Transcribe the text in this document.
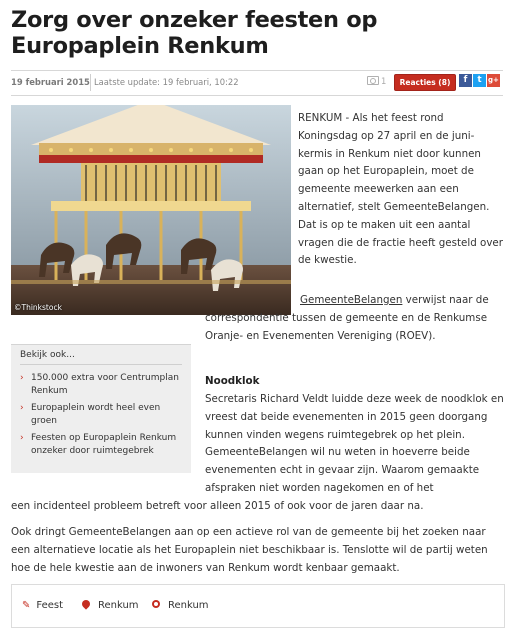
Zorg over onzeker feesten op Europaplein Renkum
19 februari 2015 Laatste update: 19 februari, 10:22	1	Reacties (8)	f t g+
©Thinkstock

RENKUM - Als het feest rond Koningsdag op 27 april en de juni-kermis in Renkum niet door kunnen gaan op het Europaplein, moet de gemeente meewerken aan een alternatief, stelt GemeenteBelangen. Dat is op te maken uit een aantal vragen die de fractie heeft gesteld over de kwestie.

GemeenteBelangen verwijst naar de correspondentie tussen de gemeente en de Renkumse Oranje- en Evenementen Vereniging (ROEV).

Bekijk ook...
› 150.000 extra voor Centrumplan Renkum
› Europaplein wordt heel even groen
› Feesten op Europaplein Renkum onzeker door ruimtegebrek
Noodklok

Secretaris Richard Veldt luidde deze week de noodklok en vreest dat beide evenementen in 2015 geen doorgang kunnen vinden wegens ruimtegebrek op het plein. GemeenteBelangen wil nu weten in hoeverre beide evenementen echt in gevaar zijn. Waarom gemaakte afspraken niet worden nagekomen en of het

een incidenteel probleem betreft voor alleen 2015 of ook voor de jaren daar na.

Ook dringt GemeenteBelangen aan op een actieve rol van de gemeente bij het zoeken naar een alternatieve locatie als het Europaplein niet beschikbaar is. Tenslotte wil de partij weten hoe de hele kwestie aan de inwoners van Renkum wordt kenbaar gemaakt.

✎ Feest	Renkum	Renkum
